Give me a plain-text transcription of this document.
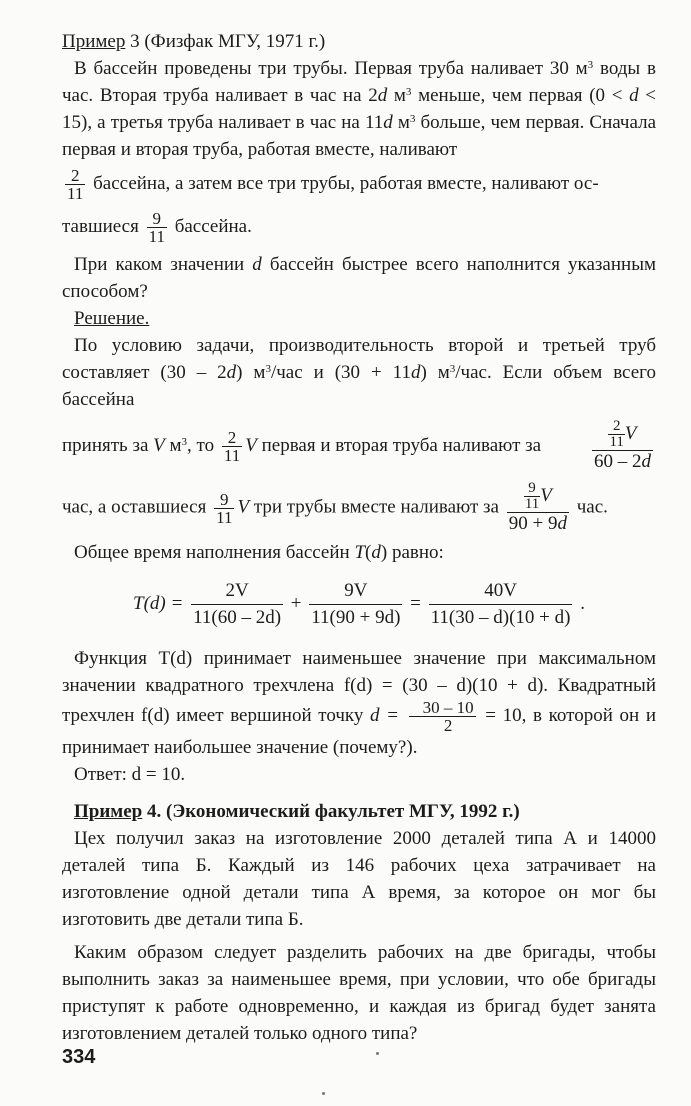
Пример 3 (Физфак МГУ, 1971 г.)

В бассейн проведены три трубы. Первая труба наливает 30 $м^3$ воды в час. Вторая труба наливает в час на 2d $м^3$ меньше, чем первая (0 < d < 15), а третья труба наливает в час на 11d $м^3$ больше, чем первая. Сначала первая и вторая труба, работая вместе, наливают

$\frac{2}{11}$ бассейна, а затем все три трубы, работая вместе, наливают ос-

тавшиеся $\frac{9}{11}$ бассейна.

При каком значении d бассейн быстрее всего наполнится указанным способом?

Решение.

По условию задачи, производительность второй и третьей труб составляет (30 – 2d) $м^3$/час и (30 + 11d) $м^3$/час. Если объем всего бассейна

принять за V $м^3$, то $\frac{2}{11}$ V первая и вторая труба наливают за	$\frac{\frac{2}{11} V}{60 - 2d}$

час, а оставшиеся $\frac{9}{11}$ V три трубы вместе наливают за $\frac{\frac{9}{11} V}{90 + 9d}$ час.

Общее время наполнения бассейн T(d) равно:

$T(d) = \frac{2V}{11(60 - 2d)} + \frac{9V}{11(90 + 9d)} = \frac{40V}{11(30 - d)(10 + d)}$ .

Функция T(d) принимает наименьшее значение при максимальном значении квадратного трехчлена f(d) = (30 – d)(10 + d). Квадратный трехчлен f(d) имеет вершиной точку $d = \frac{30 - 10}{2} = 10$, в которой он и принимает наибольшее значение (почему?).

Ответ: d = 10.

Пример 4. (Экономический факультет МГУ, 1992 г.)

Цех получил заказ на изготовление 2000 деталей типа А и 14000 деталей типа Б. Каждый из 146 рабочих цеха затрачивает на изготовление одной детали типа А время, за которое он мог бы изготовить две детали типа Б.

Каким образом следует разделить рабочих на две бригады, чтобы выполнить заказ за наименьшее время, при условии, что обе бригады приступят к работе одновременно, и каждая из бригад будет занята изготовлением деталей только одного типа?

334
